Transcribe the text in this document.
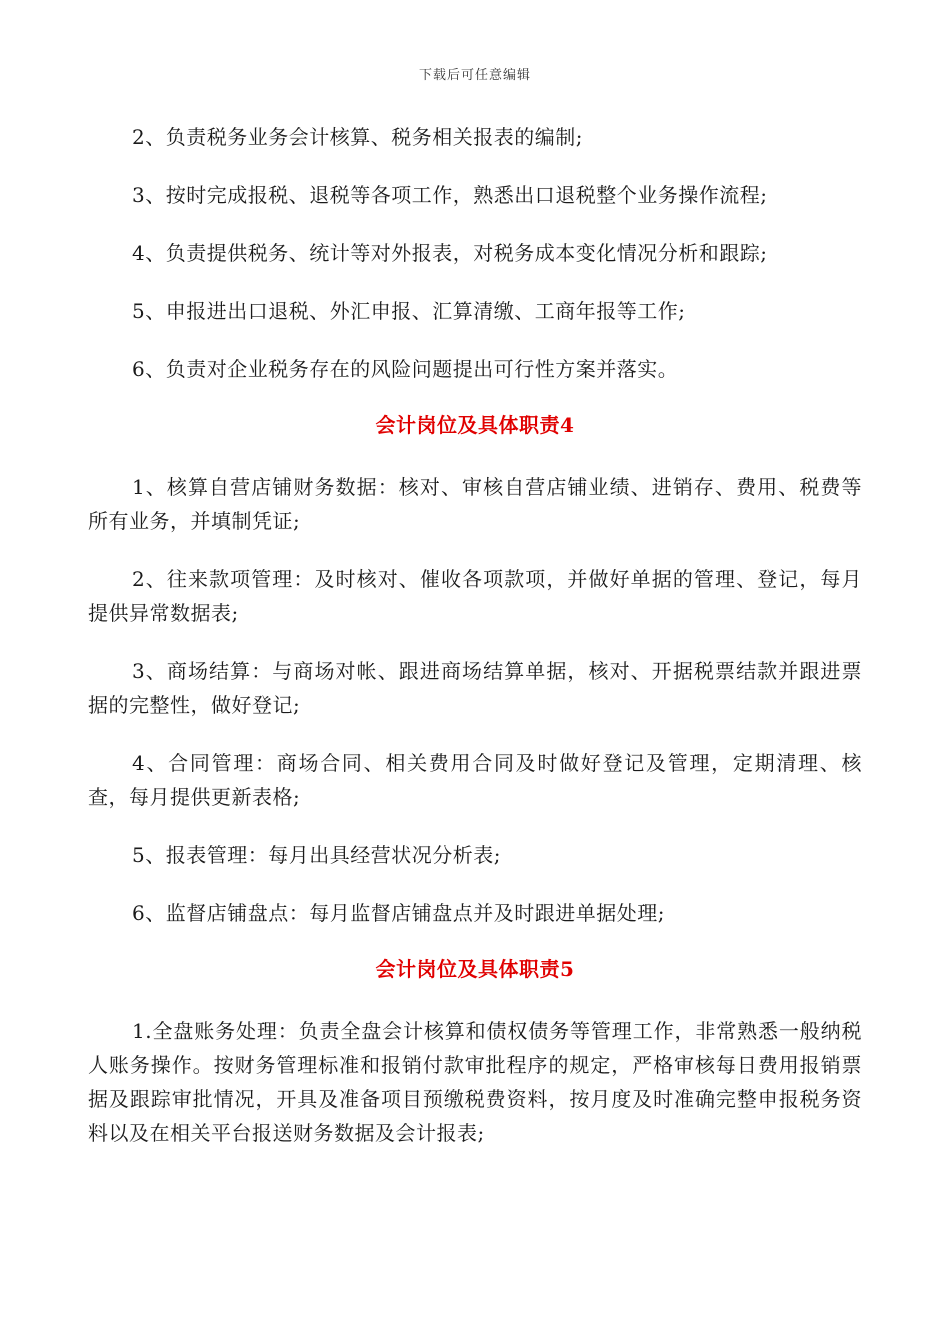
下载后可任意编辑

2、负责税务业务会计核算、税务相关报表的编制;

3、按时完成报税、退税等各项工作，熟悉出口退税整个业务操作流程;

4、负责提供税务、统计等对外报表，对税务成本变化情况分析和跟踪;

5、申报进出口退税、外汇申报、汇算清缴、工商年报等工作;

6、负责对企业税务存在的风险问题提出可行性方案并落实。

会计岗位及具体职责4

1、核算自营店铺财务数据：核对、审核自营店铺业绩、进销存、费用、税费等所有业务，并填制凭证;

2、往来款项管理：及时核对、催收各项款项，并做好单据的管理、登记，每月提供异常数据表;

3、商场结算：与商场对帐、跟进商场结算单据，核对、开据税票结款并跟进票据的完整性，做好登记;

4、合同管理：商场合同、相关费用合同及时做好登记及管理，定期清理、核查，每月提供更新表格;

5、报表管理：每月出具经营状况分析表;

6、监督店铺盘点：每月监督店铺盘点并及时跟进单据处理;

会计岗位及具体职责5

1.全盘账务处理：负责全盘会计核算和债权债务等管理工作，非常熟悉一般纳税人账务操作。按财务管理标准和报销付款审批程序的规定，严格审核每日费用报销票据及跟踪审批情况，开具及准备项目预缴税费资料，按月度及时准确完整申报税务资料以及在相关平台报送财务数据及会计报表;
